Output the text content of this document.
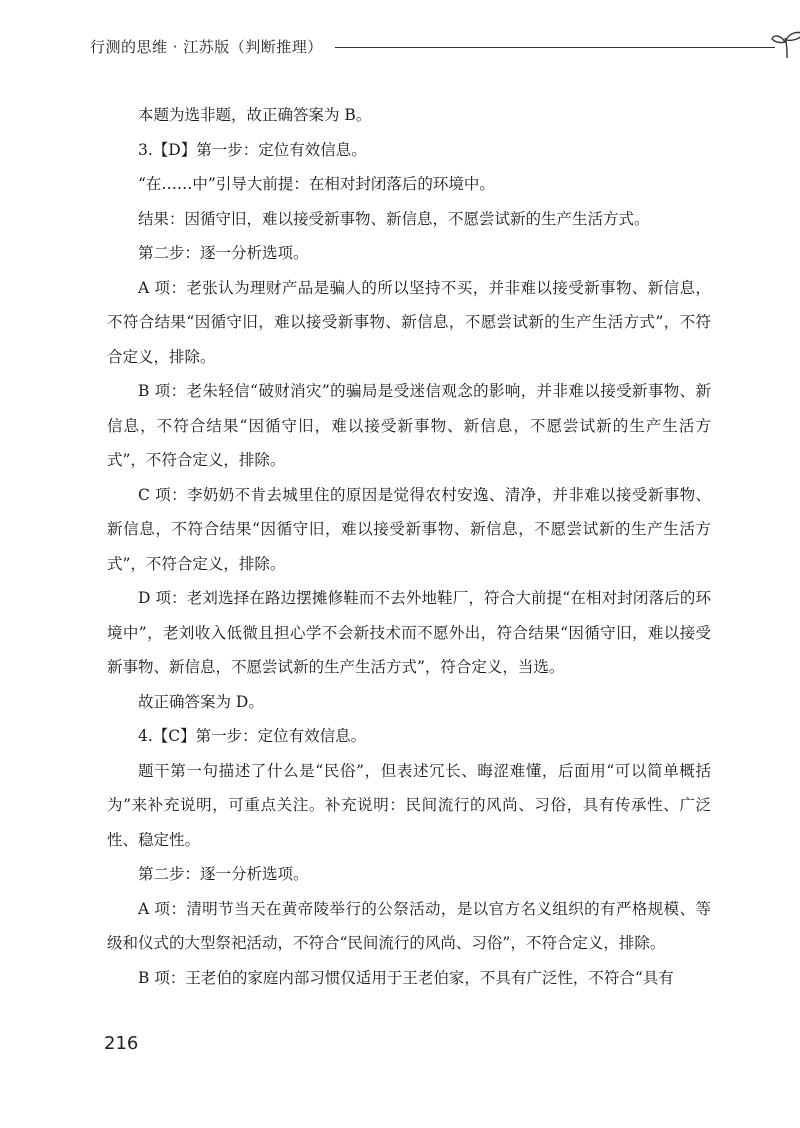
行测的思维 · 江苏版（判断推理）

本题为选非题，故正确答案为 B。

3.【D】第一步：定位有效信息。

“在……中”引导大前提：在相对封闭落后的环境中。

结果：因循守旧，难以接受新事物、新信息，不愿尝试新的生产生活方式。

第二步：逐一分析选项。

A 项：老张认为理财产品是骗人的所以坚持不买，并非难以接受新事物、新信息，不符合结果“因循守旧，难以接受新事物、新信息，不愿尝试新的生产生活方式”，不符合定义，排除。

B 项：老朱轻信“破财消灾”的骗局是受迷信观念的影响，并非难以接受新事物、新信息，不符合结果“因循守旧，难以接受新事物、新信息，不愿尝试新的生产生活方式”，不符合定义，排除。

C 项：李奶奶不肯去城里住的原因是觉得农村安逸、清净，并非难以接受新事物、新信息，不符合结果“因循守旧，难以接受新事物、新信息，不愿尝试新的生产生活方式”，不符合定义，排除。

D 项：老刘选择在路边摆摊修鞋而不去外地鞋厂，符合大前提“在相对封闭落后的环境中”，老刘收入低微且担心学不会新技术而不愿外出，符合结果“因循守旧，难以接受新事物、新信息，不愿尝试新的生产生活方式”，符合定义，当选。

故正确答案为 D。

4.【C】第一步：定位有效信息。

题干第一句描述了什么是“民俗”，但表述冗长、晦涩难懂，后面用“可以简单概括为”来补充说明，可重点关注。补充说明：民间流行的风尚、习俗，具有传承性、广泛性、稳定性。

第二步：逐一分析选项。

A 项：清明节当天在黄帝陵举行的公祭活动，是以官方名义组织的有严格规模、等级和仪式的大型祭祀活动，不符合“民间流行的风尚、习俗”，不符合定义，排除。

B 项：王老伯的家庭内部习惯仅适用于王老伯家，不具有广泛性，不符合“具有

216
